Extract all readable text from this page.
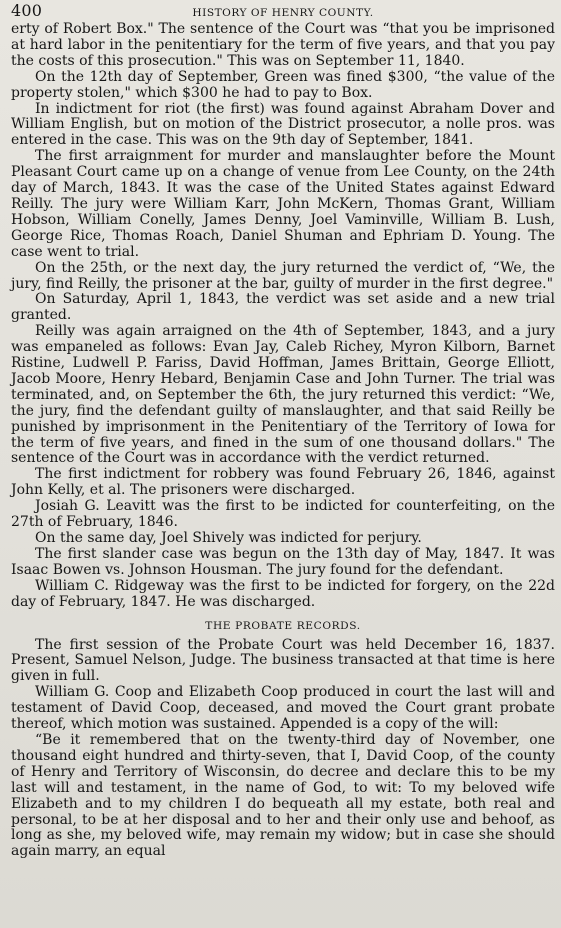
400	HISTORY OF HENRY COUNTY.

erty of Robert Box." The sentence of the Court was “that you be imprisoned at hard labor in the penitentiary for the term of five years, and that you pay the costs of this prosecution." This was on September 11, 1840.

On the 12th day of September, Green was fined $300, “the value of the property stolen," which $300 he had to pay to Box.

In indictment for riot (the first) was found against Abraham Dover and William English, but on motion of the District prosecutor, a nolle pros. was entered in the case. This was on the 9th day of September, 1841.

The first arraignment for murder and manslaughter before the Mount Pleasant Court came up on a change of venue from Lee County, on the 24th day of March, 1843. It was the case of the United States against Edward Reilly. The jury were William Karr, John McKern, Thomas Grant, William Hobson, William Conelly, James Denny, Joel Vaminville, William B. Lush, George Rice, Thomas Roach, Daniel Shuman and Ephriam D. Young. The case went to trial.

On the 25th, or the next day, the jury returned the verdict of, “We, the jury, find Reilly, the prisoner at the bar, guilty of murder in the first degree."

On Saturday, April 1, 1843, the verdict was set aside and a new trial granted.

Reilly was again arraigned on the 4th of September, 1843, and a jury was empaneled as follows: Evan Jay, Caleb Richey, Myron Kilborn, Barnet Ristine, Ludwell P. Fariss, David Hoffman, James Brittain, George Elliott, Jacob Moore, Henry Hebard, Benjamin Case and John Turner. The trial was terminated, and, on September the 6th, the jury returned this verdict: “We, the jury, find the defendant guilty of manslaughter, and that said Reilly be punished by imprisonment in the Penitentiary of the Territory of Iowa for the term of five years, and fined in the sum of one thousand dollars." The sentence of the Court was in accordance with the verdict returned.

The first indictment for robbery was found February 26, 1846, against John Kelly, et al. The prisoners were discharged.

Josiah G. Leavitt was the first to be indicted for counterfeiting, on the 27th of February, 1846.

On the same day, Joel Shively was indicted for perjury.

The first slander case was begun on the 13th day of May, 1847. It was Isaac Bowen vs. Johnson Housman. The jury found for the defendant.

William C. Ridgeway was the first to be indicted for forgery, on the 22d day of February, 1847. He was discharged.

THE PROBATE RECORDS.

The first session of the Probate Court was held December 16, 1837. Present, Samuel Nelson, Judge. The business transacted at that time is here given in full.

William G. Coop and Elizabeth Coop produced in court the last will and testament of David Coop, deceased, and moved the Court grant probate thereof, which motion was sustained. Appended is a copy of the will:

“Be it remembered that on the twenty-third day of November, one thousand eight hundred and thirty-seven, that I, David Coop, of the county of Henry and Territory of Wisconsin, do decree and declare this to be my last will and testament, in the name of God, to wit: To my beloved wife Elizabeth and to my children I do bequeath all my estate, both real and personal, to be at her disposal and to her and their only use and behoof, as long as she, my beloved wife, may remain my widow; but in case she should again marry, an equal
